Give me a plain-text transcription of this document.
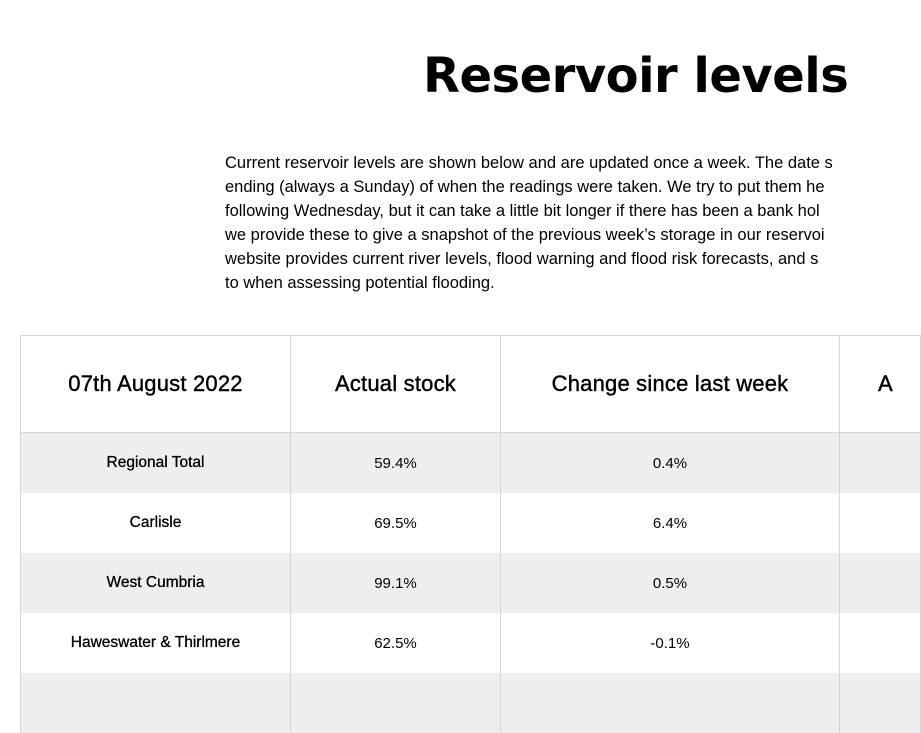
Reservoir levels
Current reservoir levels are shown below and are updated once a week. The date s
ending (always a Sunday) of when the readings were taken. We try to put them he
following Wednesday, but it can take a little bit longer if there has been a bank hol
we provide these to give a snapshot of the previous week’s storage in our reservoi
website provides current river levels, flood warning and flood risk forecasts, and s
to when assessing potential flooding.
07th August 2022	Actual stock	Change since last week	A
Regional Total	59.4%	0.4%	
Carlisle	69.5%	6.4%	
West Cumbria	99.1%	0.5%	
Haweswater & Thirlmere	62.5%	-0.1%	
